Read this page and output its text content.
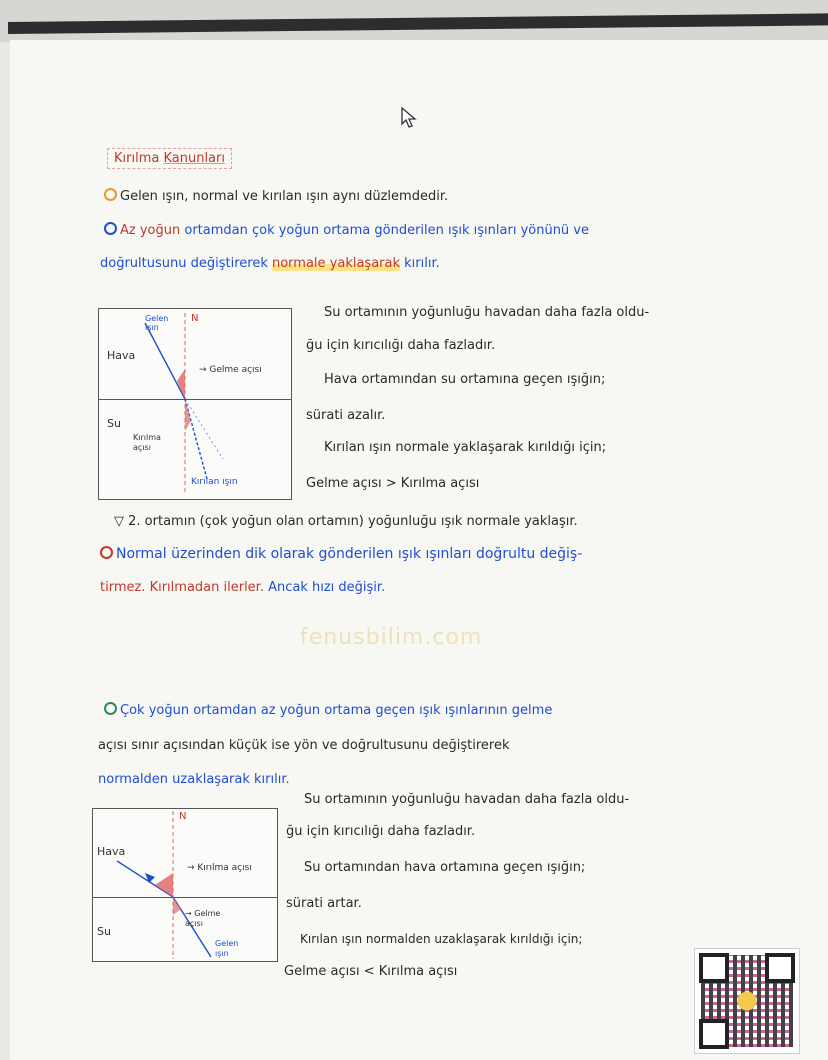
Kırılma Kanunları
Gelen ışın, normal ve kırılan ışın aynı düzlemdedir.
Az yoğun ortamdan çok yoğun ortama gönderilen ışık ışınları yönünü ve
doğrultusunu değiştirerek normale yaklaşarak kırılır.
Hava
Su
N
Gelen ışın
→ Gelme açısı
Kırılma açısı
Kırılan ışın
Su ortamının yoğunluğu havadan daha fazla oldu-
ğu için kırıcılığı daha fazladır.
Hava ortamından su ortamına geçen ışığın;
sürati azalır.
Kırılan ışın normale yaklaşarak kırıldığı için;
Gelme açısı > Kırılma açısı
▽ 2. ortamın (çok yoğun olan ortamın) yoğunluğu ışık normale yaklaşır.
Normal üzerinden dik olarak gönderilen ışık ışınları doğrultu değiş-
tirmez. Kırılmadan ilerler. Ancak hızı değişir.
fenusbilim.com
Çok yoğun ortamdan az yoğun ortama geçen ışık ışınlarının gelme
açısı sınır açısından küçük ise yön ve doğrultusunu değiştirerek
normalden uzaklaşarak kırılır.
Hava
Su
N
→ Kırılma açısı
→ Gelme açısı
Gelen ışın
Su ortamının yoğunluğu havadan daha fazla oldu-
ğu için kırıcılığı daha fazladır.
Su ortamından hava ortamına geçen ışığın;
sürati artar.
Kırılan ışın normalden uzaklaşarak kırıldığı için;
Gelme açısı < Kırılma açısı
